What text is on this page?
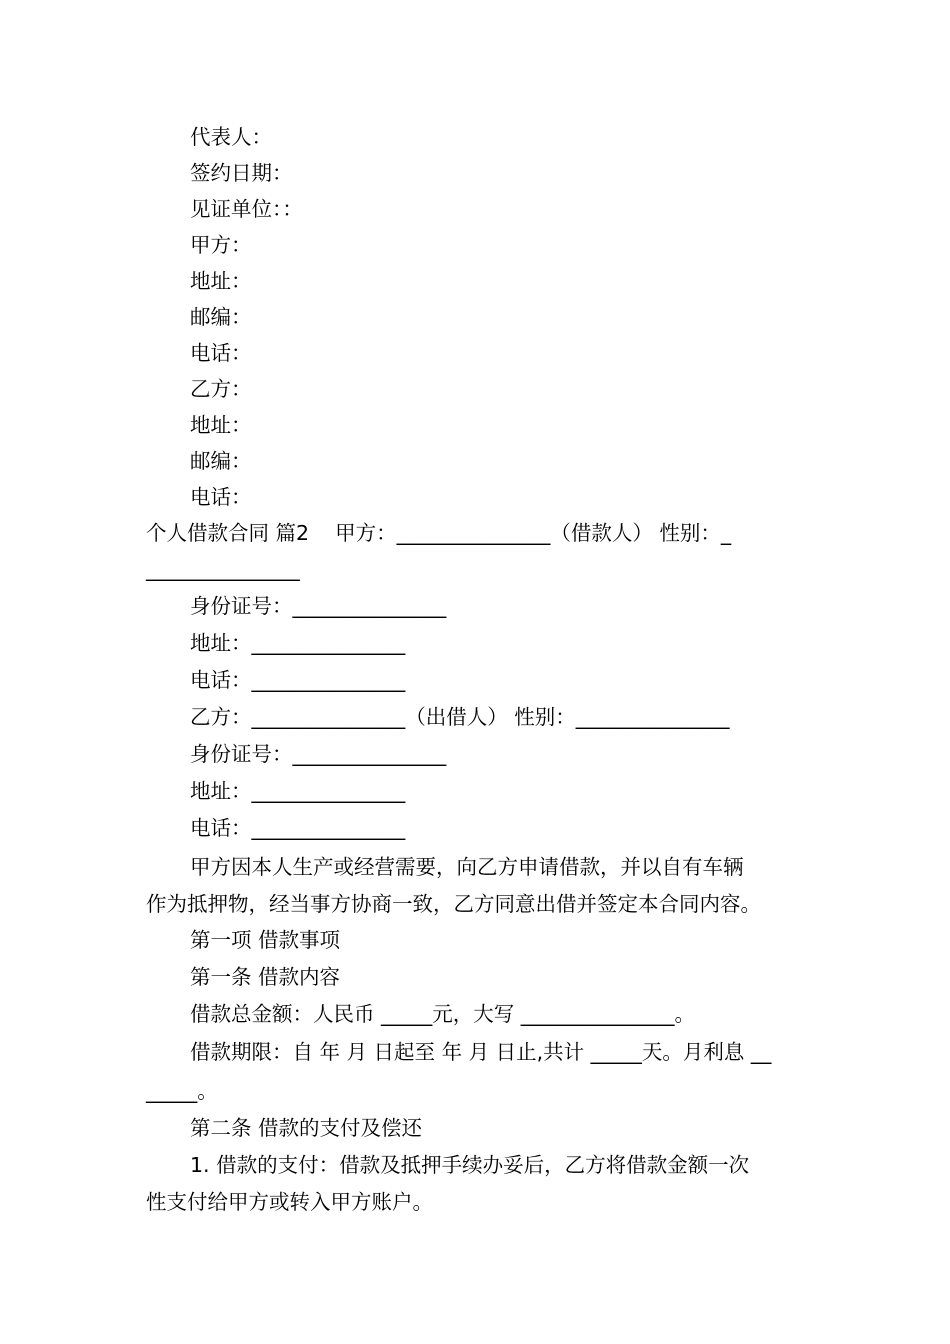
代表人：
签约日期：
见证单位：：
甲方：
地址：
邮编：
电话：
乙方：
地址：
邮编：
电话：
个人借款合同 篇2    甲方：_______________（借款人） 性别：_
_______________
身份证号：_______________
地址：_______________
电话：_______________
乙方：_______________（出借人） 性别：_______________
身份证号：_______________
地址：_______________
电话：_______________
甲方因本人生产或经营需要，向乙方申请借款，并以自有车辆
作为抵押物，经当事方协商一致，乙方同意出借并签定本合同内容。
第一项 借款事项
第一条 借款内容
借款总金额：人民币 _____元，大写 _______________。
借款期限：自 年 月 日起至 年 月 日止,共计 _____天。月利息 __
_____。
第二条 借款的支付及偿还
1. 借款的支付：借款及抵押手续办妥后，乙方将借款金额一次
性支付给甲方或转入甲方账户。
